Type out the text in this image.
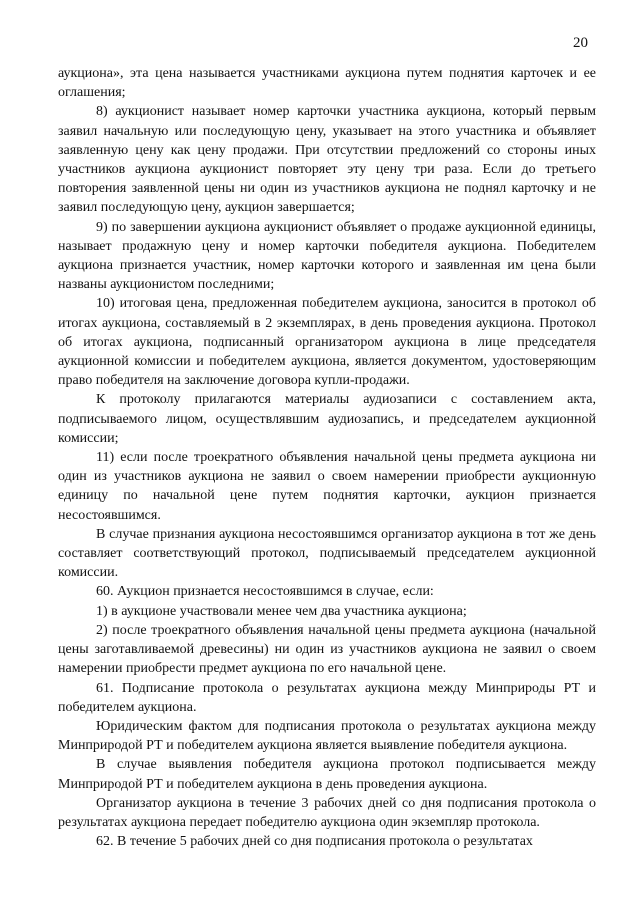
20

аукциона», эта цена называется участниками аукциона путем поднятия карточек и ее оглашения;

8) аукционист называет номер карточки участника аукциона, который первым заявил начальную или последующую цену, указывает на этого участника и объявляет заявленную цену как цену продажи. При отсутствии предложений со стороны иных участников аукциона аукционист повторяет эту цену три раза. Если до третьего повторения заявленной цены ни один из участников аукциона не поднял карточку и не заявил последующую цену, аукцион завершается;

9) по завершении аукциона аукционист объявляет о продаже аукционной единицы, называет продажную цену и номер карточки победителя аукциона. Победителем аукциона признается участник, номер карточки которого и заявленная им цена были названы аукционистом последними;

10) итоговая цена, предложенная победителем аукциона, заносится в протокол об итогах аукциона, составляемый в 2 экземплярах, в день проведения аукциона. Протокол об итогах аукциона, подписанный организатором аукциона в лице председателя аукционной комиссии и победителем аукциона, является документом, удостоверяющим право победителя на заключение договора купли-продажи.

К протоколу прилагаются материалы аудиозаписи с составлением акта, подписываемого лицом, осуществлявшим аудиозапись, и председателем аукционной комиссии;

11) если после троекратного объявления начальной цены предмета аукциона ни один из участников аукциона не заявил о своем намерении приобрести аукционную единицу по начальной цене путем поднятия карточки, аукцион признается несостоявшимся.

В случае признания аукциона несостоявшимся организатор аукциона в тот же день составляет соответствующий протокол, подписываемый председателем аукционной комиссии.

60. Аукцион признается несостоявшимся в случае, если:

1) в аукционе участвовали менее чем два участника аукциона;

2) после троекратного объявления начальной цены предмета аукциона (начальной цены заготавливаемой древесины) ни один из участников аукциона не заявил о своем намерении приобрести предмет аукциона по его начальной цене.

61. Подписание протокола о результатах аукциона между Минприроды РТ и победителем аукциона.

Юридическим фактом для подписания протокола о результатах аукциона между Минприродой РТ и победителем аукциона является выявление победителя аукциона.

В случае выявления победителя аукциона протокол подписывается между Минприродой РТ и победителем аукциона в день проведения аукциона.

Организатор аукциона в течение 3 рабочих дней со дня подписания протокола о результатах аукциона передает победителю аукциона один экземпляр протокола.

62. В течение 5 рабочих дней со дня подписания протокола о результатах
